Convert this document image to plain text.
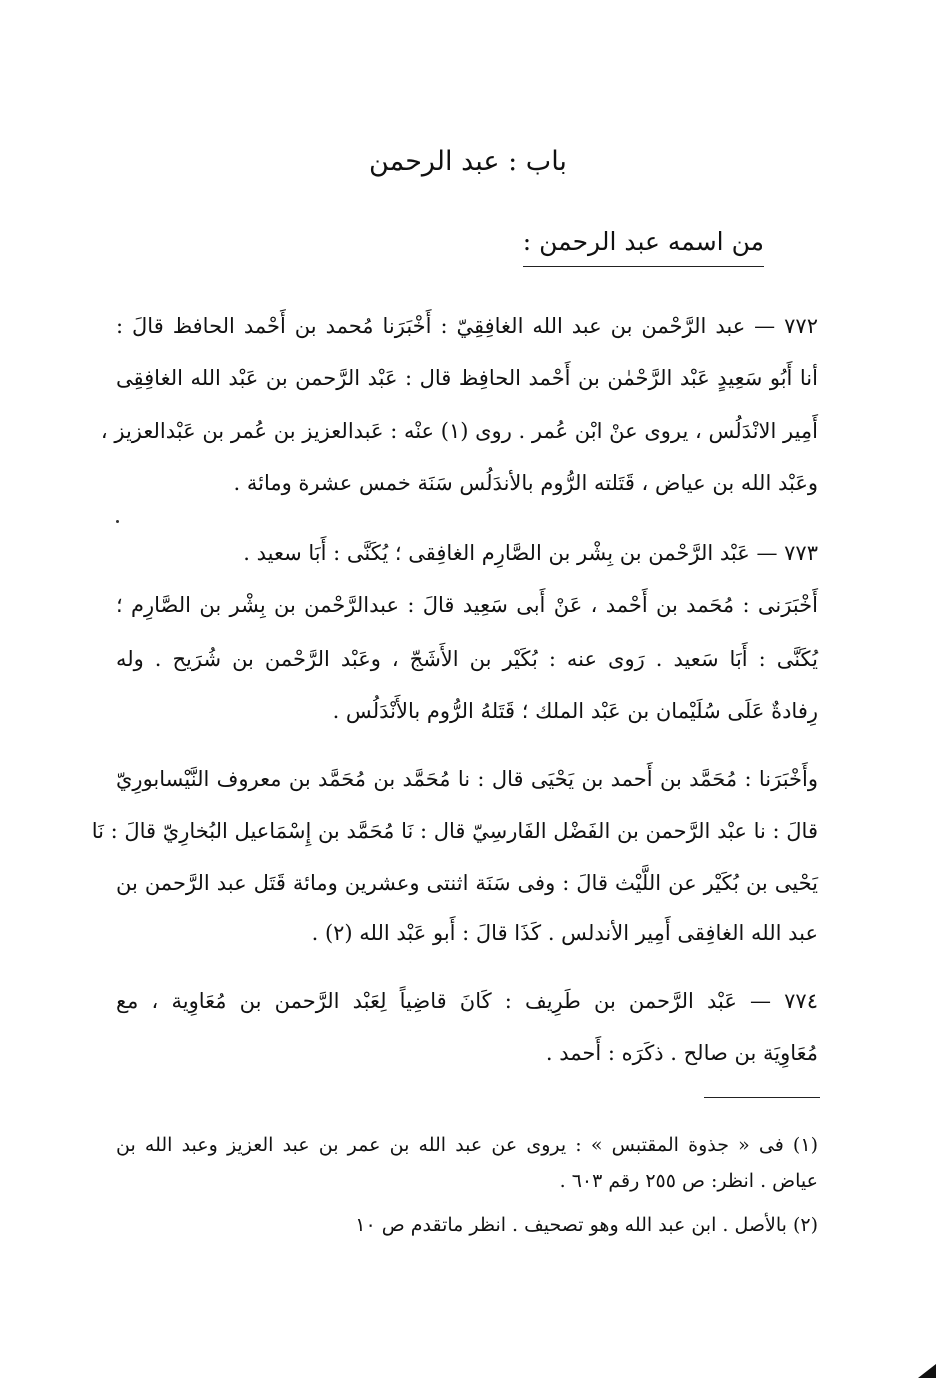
باب : عبد الرحمن
من اسمه عبد الرحمن :
٧٧٢ — عبد الرَّحْمن بن عبد الله الغافِقِيّ : أَخْبَرَنا مُحمد بن أَحْمد الحافظ قالَ :
أنا أَبُو سَعِيدٍ عَبْد الرَّحْمٰن بن أَحْمد الحافِظ قال : عَبْد الرَّحمن بن عَبْد الله الغافِقِى
أَمِير الانْدَلُس ، يروى عنْ ابْن عُمر . روى (١) عنْه : عَبدالعزيز بن عُمر بن عَبْدالعزيز ،
وعَبْد الله بن عياض ، قَتَلته الرُّوم بالأندَلُس سَنَة خمس عشرة ومائة .
٧٧٣ — عَبْد الرَّحْمن بن بِشْر بن الصَّارِم الغافِقى ؛ يُكَنَّى : أَبَا سعيد .
أَخْبَرَنى : مُحَمد بن أَحْمد ، عَنْ أَبى سَعِيد قالَ : عبدالرَّحْمن بن بِشْر بن الصَّارِم ؛
يُكَنَّى : أَبَا سَعيد . رَوى عنه : بُكَيْر بن الأَشَجّ ، وعَبْد الرَّحْمن بن شُرَيح . وله
رِفادةٌ عَلَى سُلَيْمان بن عَبْد الملك ؛ قَتَلهُ الرُّوم بالأَنْدَلُس .
وأَخْبَرَنا : مُحَمَّد بن أَحمد بن يَحْيَى قال : نا مُحَمَّد بن مُحَمَّد بن معروف النَّيْسابورِيّ
قالَ : نا عبْد الرَّحمن بن الفَضْل الفَارسِيّ قال : نَا مُحَمَّد بن إِسْمَاعيل البُخارِيّ قالَ : نَا
يَحْيى بن بُكَيْر عن اللَّيْث قالَ : وفى سَنَة اثنتى وعشرين ومائة قَتَل عبد الرَّحمن بن
عبد الله الغافِقى أَمِير الأندلس . كَذَا قالَ : أَبو عَبْد الله (٢) .
٧٧٤ — عَبْد الرَّحمن بن طَرِيف : كَانَ قاضِياً لِعَبْد الرَّحمن بن مُعَاوِية ، مع
مُعَاوِيَة بن صالح . ذكَرَه : أَحمد .
(١) فى « جذوة المقتبس » : يروى عن عبد الله بن عمر بن عبد العزيز وعبد الله بن
عياض . انظر: ص ٢٥٥ رقم ٦٠٣ .
(٢) بالأصل . ابن عبد الله وهو تصحيف . انظر ماتقدم ص ١٠
